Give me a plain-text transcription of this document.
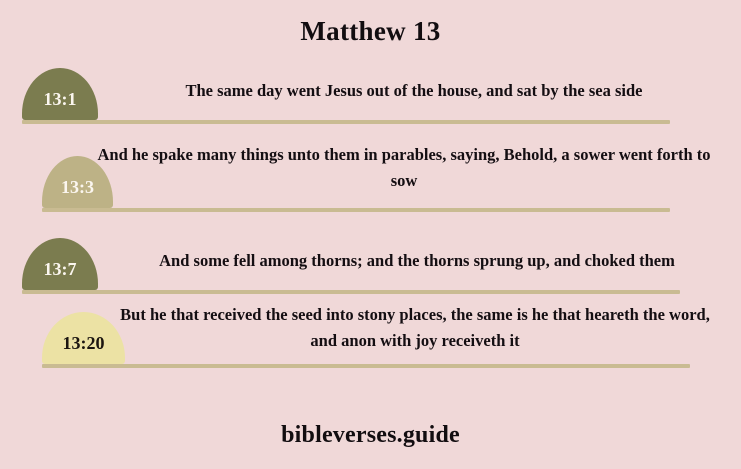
Matthew 13
13:1	The same day went Jesus out of the house, and sat by the sea side
13:3
And he spake many things unto them in parables, saying, Behold, a sower went forth to sow
13:7	And some fell among thorns; and the thorns sprung up, and choked them
13:20
But he that received the seed into stony places, the same is he that heareth the word, and anon with joy receiveth it
bibleverses.guide
